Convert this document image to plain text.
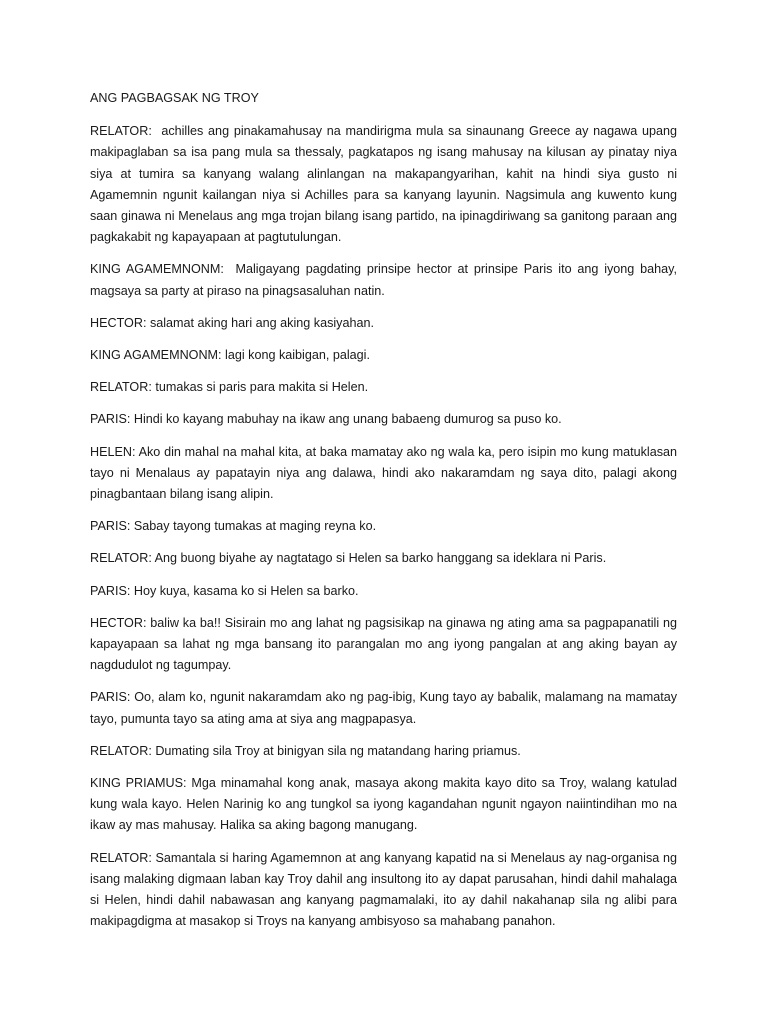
ANG PAGBAGSAK NG TROY

RELATOR:  achilles ang pinakamahusay na mandirigma mula sa sinaunang Greece ay nagawa upang makipaglaban sa isa pang mula sa thessaly, pagkatapos ng isang mahusay na kilusan ay pinatay niya siya at tumira sa kanyang walang alinlangan na makapangyarihan, kahit na hindi siya gusto ni Agamemnin ngunit kailangan niya si Achilles para sa kanyang layunin. Nagsimula ang kuwento kung saan ginawa ni Menelaus ang mga trojan bilang isang partido, na ipinagdiriwang sa ganitong paraan ang pagkakabit ng kapayapaan at pagtutulungan.

KING AGAMEMNONM:  Maligayang pagdating prinsipe hector at prinsipe Paris ito ang iyong bahay, magsaya sa party at piraso na pinagsasaluhan natin.

HECTOR: salamat aking hari ang aking kasiyahan.

KING AGAMEMNONM: lagi kong kaibigan, palagi.

RELATOR: tumakas si paris para makita si Helen.

PARIS: Hindi ko kayang mabuhay na ikaw ang unang babaeng dumurog sa puso ko.

HELEN: Ako din mahal na mahal kita, at baka mamatay ako ng wala ka, pero isipin mo kung matuklasan tayo ni Menalaus ay papatayin niya ang dalawa, hindi ako nakaramdam ng saya dito, palagi akong pinagbantaan bilang isang alipin.

PARIS: Sabay tayong tumakas at maging reyna ko.

RELATOR: Ang buong biyahe ay nagtatago si Helen sa barko hanggang sa ideklara ni Paris.

PARIS: Hoy kuya, kasama ko si Helen sa barko.

HECTOR: baliw ka ba!! Sisirain mo ang lahat ng pagsisikap na ginawa ng ating ama sa pagpapanatili ng kapayapaan sa lahat ng mga bansang ito parangalan mo ang iyong pangalan at ang aking bayan ay nagdudulot ng tagumpay.

PARIS: Oo, alam ko, ngunit nakaramdam ako ng pag-ibig, Kung tayo ay babalik, malamang na mamatay tayo, pumunta tayo sa ating ama at siya ang magpapasya.

RELATOR: Dumating sila Troy at binigyan sila ng matandang haring priamus.

KING PRIAMUS: Mga minamahal kong anak, masaya akong makita kayo dito sa Troy, walang katulad kung wala kayo. Helen Narinig ko ang tungkol sa iyong kagandahan ngunit ngayon naiintindihan mo na ikaw ay mas mahusay. Halika sa aking bagong manugang.

RELATOR: Samantala si haring Agamemnon at ang kanyang kapatid na si Menelaus ay nag-organisa ng isang malaking digmaan laban kay Troy dahil ang insultong ito ay dapat parusahan, hindi dahil mahalaga si Helen, hindi dahil nabawasan ang kanyang pagmamalaki, ito ay dahil nakahanap sila ng alibi para makipagdigma at masakop si Troys na kanyang ambisyoso sa mahabang panahon.
